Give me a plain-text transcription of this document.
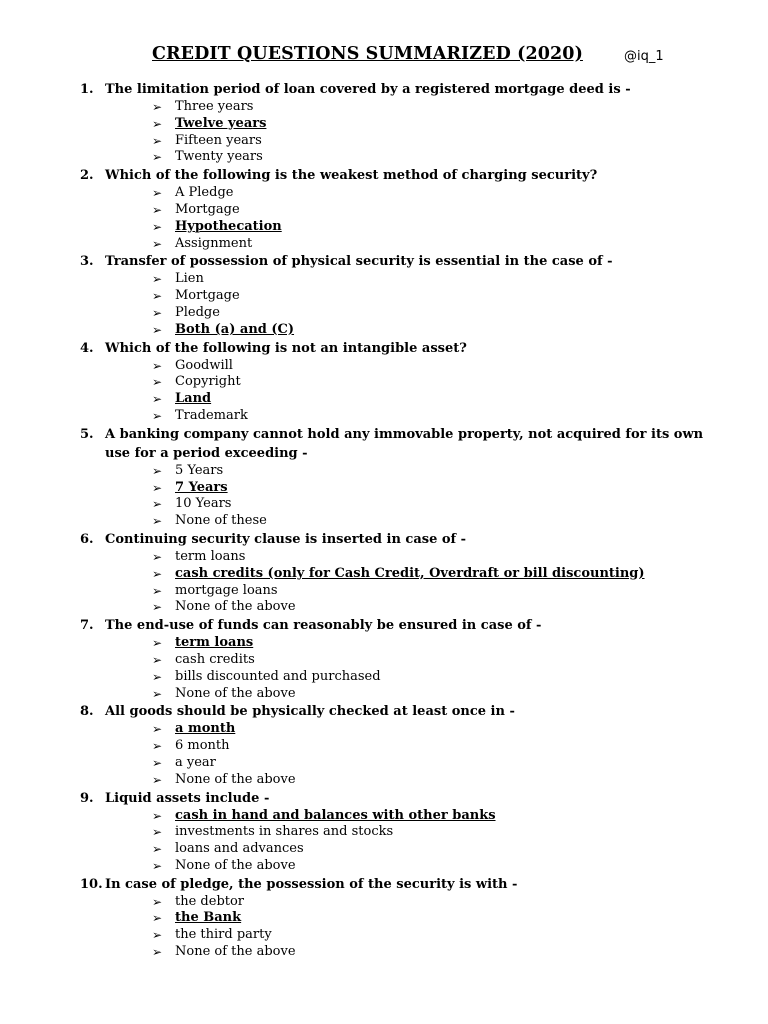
CREDIT QUESTIONS SUMMARIZED (2020)	@iq_1
1. The limitation period of loan covered by a registered mortgage deed is -
➢ Three years
➢ Twelve years
➢ Fifteen years
➢ Twenty years
2. Which of the following is the weakest method of charging security?
➢ A Pledge
➢ Mortgage
➢ Hypothecation
➢ Assignment
3. Transfer of possession of physical security is essential in the case of -
➢ Lien
➢ Mortgage
➢ Pledge
➢ Both (a) and (C)
4. Which of the following is not an intangible asset?
➢ Goodwill
➢ Copyright
➢ Land
➢ Trademark
5. A banking company cannot hold any immovable property, not acquired for its own use for a period exceeding -
➢ 5 Years
➢ 7 Years
➢ 10 Years
➢ None of these
6. Continuing security clause is inserted in case of -
➢ term loans
➢ cash credits (only for Cash Credit, Overdraft or bill discounting)
➢ mortgage loans
➢ None of the above
7. The end-use of funds can reasonably be ensured in case of -
➢ term loans
➢ cash credits
➢ bills discounted and purchased
➢ None of the above
8. All goods should be physically checked at least once in -
➢ a month
➢ 6 month
➢ a year
➢ None of the above
9. Liquid assets include -
➢ cash in hand and balances with other banks
➢ investments in shares and stocks
➢ loans and advances
➢ None of the above
10. In case of pledge, the possession of the security is with -
➢ the debtor
➢ the Bank
➢ the third party
➢ None of the above
